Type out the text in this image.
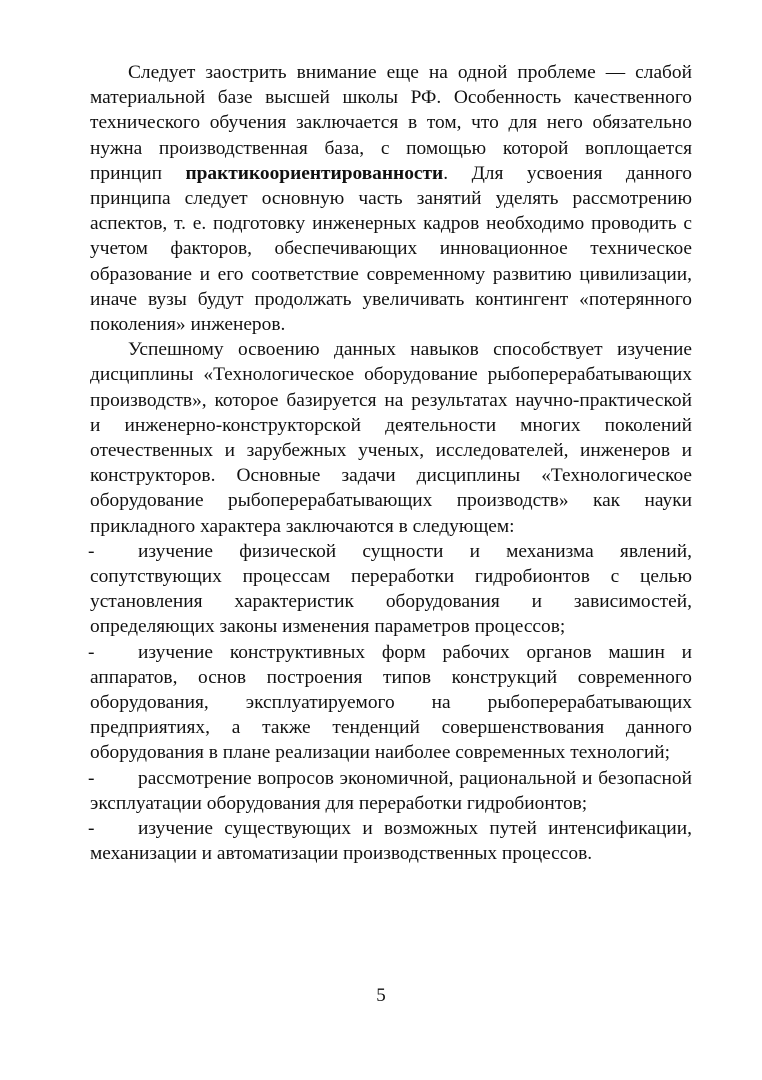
Следует заострить внимание еще на одной проблеме — слабой материальной базе высшей школы РФ. Особенность качественного технического обучения заключается в том, что для него обязательно нужна производственная база, с помощью которой воплощается принцип практикоориентированности. Для усвоения данного принципа следует основную часть занятий уделять рассмотрению аспектов, т. е. подготовку инженерных кадров необходимо проводить с учетом факторов, обеспечивающих инновационное техническое образование и его соответствие современному развитию цивилизации, иначе вузы будут продолжать увеличивать контингент «потерянного поколения» инженеров.

Успешному освоению данных навыков способствует изучение дисциплины «Технологическое оборудование рыбоперерабатывающих производств», которое базируется на результатах научно-практической и инженерно-конструкторской деятельности многих поколений отечественных и зарубежных ученых, исследователей, инженеров и конструкторов. Основные задачи дисциплины «Технологическое оборудование рыбоперерабатывающих производств» как науки прикладного характера заключаются в следующем:

- изучение физической сущности и механизма явлений, сопутствующих процессам переработки гидробионтов с целью установления характеристик оборудования и зависимостей, определяющих законы изменения параметров процессов;
- изучение конструктивных форм рабочих органов машин и аппаратов, основ построения типов конструкций современного оборудования, эксплуатируемого на рыбоперерабатывающих предприятиях, а также тенденций совершенствования данного оборудования в плане реализации наиболее современных технологий;
- рассмотрение вопросов экономичной, рациональной и безопасной эксплуатации оборудования для переработки гидробионтов;
- изучение существующих и возможных путей интенсификации, механизации и автоматизации производственных процессов.
5
